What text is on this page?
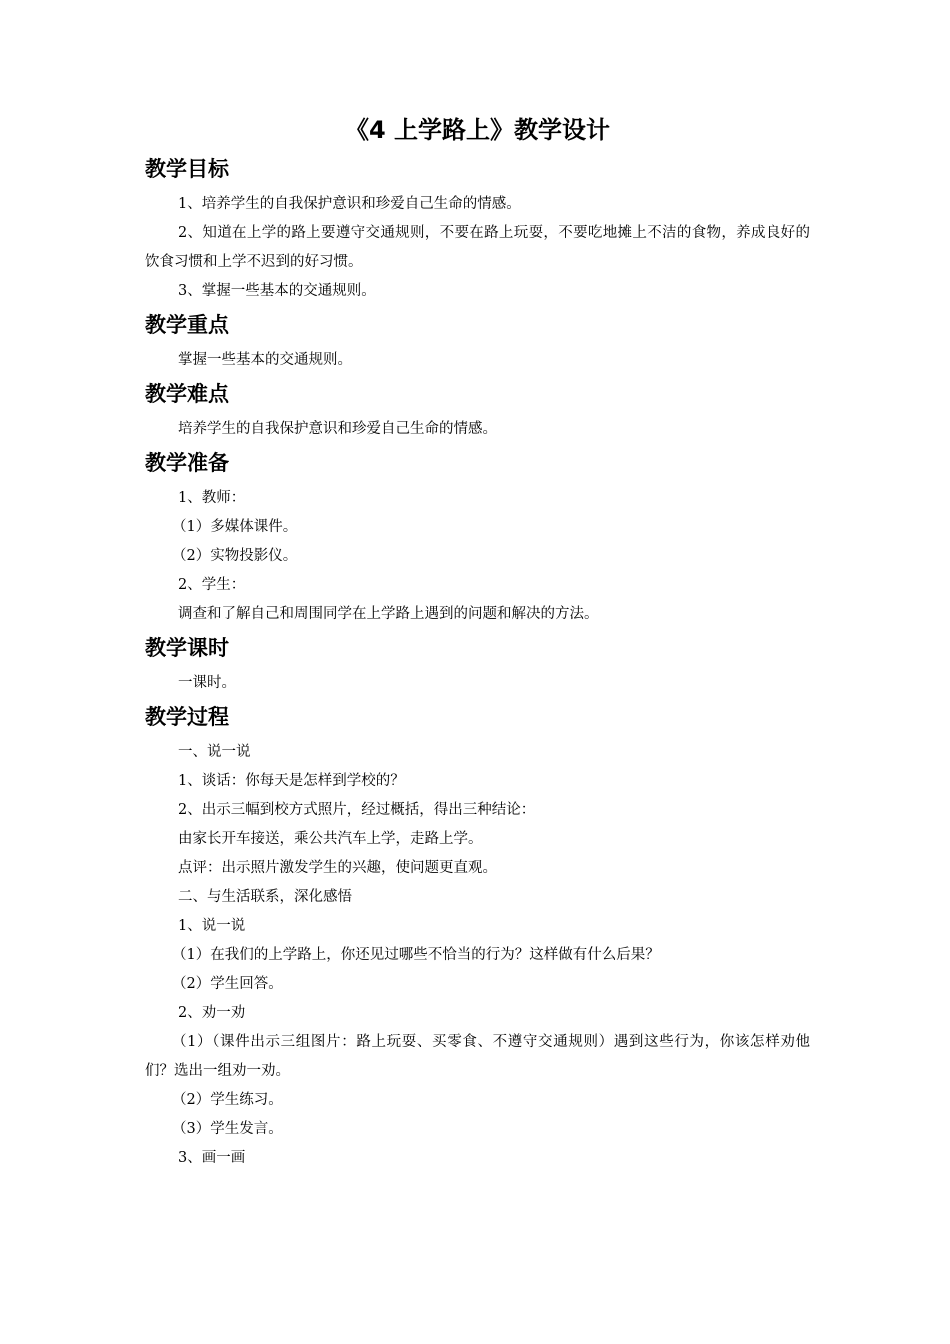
《4 上学路上》教学设计
教学目标

1、培养学生的自我保护意识和珍爱自己生命的情感。

2、知道在上学的路上要遵守交通规则，不要在路上玩耍，不要吃地摊上不洁的食物，养成良好的饮食习惯和上学不迟到的好习惯。

3、掌握一些基本的交通规则。

教学重点

掌握一些基本的交通规则。

教学难点

培养学生的自我保护意识和珍爱自己生命的情感。

教学准备

1、教师：

（1）多媒体课件。

（2）实物投影仪。

2、学生：

调查和了解自己和周围同学在上学路上遇到的问题和解决的方法。

教学课时

一课时。

教学过程

一、说一说

1、谈话：你每天是怎样到学校的？

2、出示三幅到校方式照片，经过概括，得出三种结论：

由家长开车接送，乘公共汽车上学，走路上学。

点评：出示照片激发学生的兴趣，使问题更直观。

二、与生活联系，深化感悟

1、说一说

（1）在我们的上学路上，你还见过哪些不恰当的行为？这样做有什么后果？

（2）学生回答。

2、劝一劝

（1）（课件出示三组图片：路上玩耍、买零食、不遵守交通规则）遇到这些行为，你该怎样劝他们？选出一组劝一劝。

（2）学生练习。

（3）学生发言。

3、画一画
